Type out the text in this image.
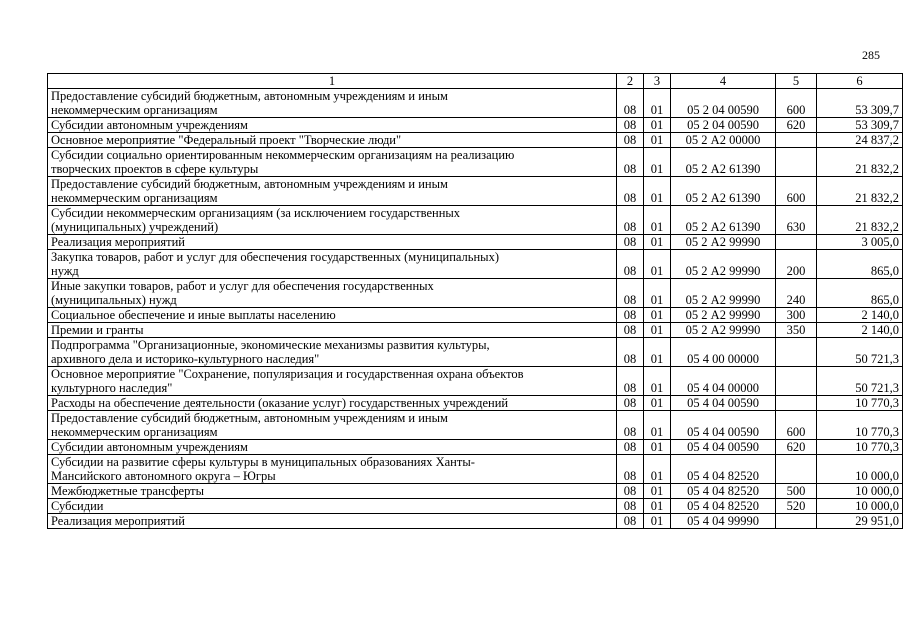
285
1	2	3	4	5	6
Предоставление субсидий бюджетным, автономным учреждениям и иным
некоммерческим организациям	08	01	05 2 04 00590	600	53 309,7
Субсидии автономным учреждениям	08	01	05 2 04 00590	620	53 309,7
Основное мероприятие "Федеральный проект "Творческие люди"	08	01	05 2 А2 00000		24 837,2
Субсидии социально ориентированным некоммерческим организациям на реализацию
творческих проектов в сфере культуры	08	01	05 2 А2 61390		21 832,2
Предоставление субсидий бюджетным, автономным учреждениям и иным
некоммерческим организациям	08	01	05 2 А2 61390	600	21 832,2
Субсидии некоммерческим организациям (за исключением государственных
(муниципальных) учреждений)	08	01	05 2 А2 61390	630	21 832,2
Реализация мероприятий	08	01	05 2 А2 99990		3 005,0
Закупка товаров, работ и услуг для обеспечения государственных (муниципальных)
нужд	08	01	05 2 А2 99990	200	865,0
Иные закупки товаров, работ и услуг для обеспечения государственных
(муниципальных) нужд	08	01	05 2 А2 99990	240	865,0
Социальное обеспечение и иные выплаты населению	08	01	05 2 А2 99990	300	2 140,0
Премии и гранты	08	01	05 2 А2 99990	350	2 140,0
Подпрограмма "Организационные, экономические механизмы развития культуры,
архивного дела и историко-культурного наследия"	08	01	05 4 00 00000		50 721,3
Основное мероприятие "Сохранение, популяризация и государственная охрана объектов
культурного наследия"	08	01	05 4 04 00000		50 721,3
Расходы на обеспечение деятельности (оказание услуг) государственных учреждений	08	01	05 4 04 00590		10 770,3
Предоставление субсидий бюджетным, автономным учреждениям и иным
некоммерческим организациям	08	01	05 4 04 00590	600	10 770,3
Субсидии автономным учреждениям	08	01	05 4 04 00590	620	10 770,3
Субсидии на развитие сферы культуры в муниципальных образованиях Ханты-
Мансийского автономного округа – Югры	08	01	05 4 04 82520		10 000,0
Межбюджетные трансферты	08	01	05 4 04 82520	500	10 000,0
Субсидии	08	01	05 4 04 82520	520	10 000,0
Реализация мероприятий	08	01	05 4 04 99990		29 951,0
